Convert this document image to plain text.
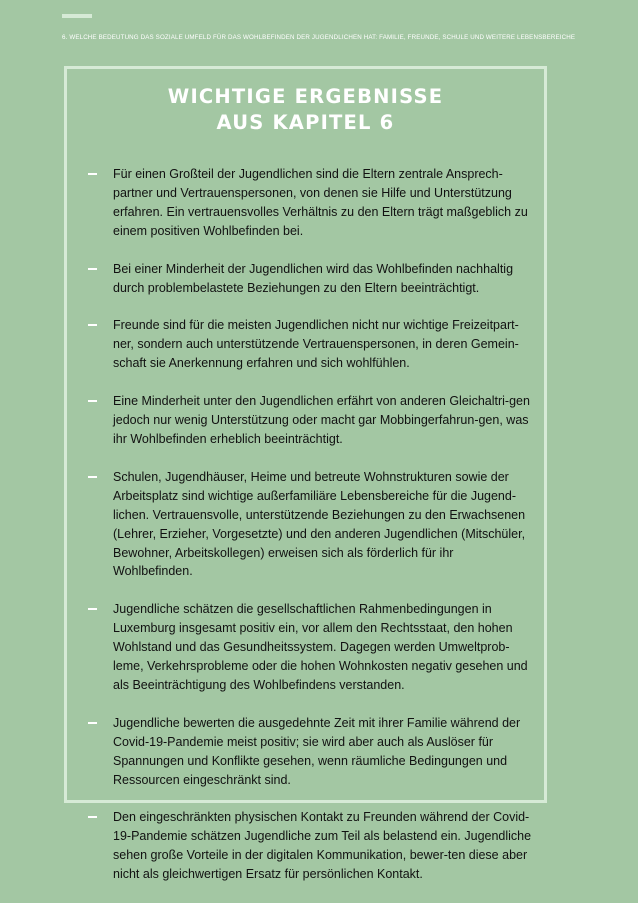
6. WELCHE BEDEUTUNG DAS SOZIALE UMFELD FÜR DAS WOHLBEFINDEN DER JUGENDLICHEN HAT: FAMILIE, FREUNDE, SCHULE UND WEITERE LEBENSBEREICHE
WICHTIGE ERGEBNISSE
AUS KAPITEL 6
Für einen Großteil der Jugendlichen sind die Eltern zentrale Ansprech-partner und Vertrauenspersonen, von denen sie Hilfe und Unterstützung erfahren. Ein vertrauensvolles Verhältnis zu den Eltern trägt maßgeblich zu einem positiven Wohlbefinden bei.
Bei einer Minderheit der Jugendlichen wird das Wohlbefinden nachhaltig durch problembelastete Beziehungen zu den Eltern beeinträchtigt.
Freunde sind für die meisten Jugendlichen nicht nur wichtige Freizeitpart-ner, sondern auch unterstützende Vertrauenspersonen, in deren Gemein-schaft sie Anerkennung erfahren und sich wohlfühlen.
Eine Minderheit unter den Jugendlichen erfährt von anderen Gleichaltri-gen jedoch nur wenig Unterstützung oder macht gar Mobbingerfahrun-gen, was ihr Wohlbefinden erheblich beeinträchtigt.
Schulen, Jugendhäuser, Heime und betreute Wohnstrukturen sowie der Arbeitsplatz sind wichtige außerfamiliäre Lebensbereiche für die Jugend-lichen. Vertrauensvolle, unterstützende Beziehungen zu den Erwachsenen (Lehrer, Erzieher, Vorgesetzte) und den anderen Jugendlichen (Mitschüler, Bewohner, Arbeitskollegen) erweisen sich als förderlich für ihr Wohlbefinden.
Jugendliche schätzen die gesellschaftlichen Rahmenbedingungen in Luxemburg insgesamt positiv ein, vor allem den Rechtsstaat, den hohen Wohlstand und das Gesundheitssystem. Dagegen werden Umweltprob-leme, Verkehrsprobleme oder die hohen Wohnkosten negativ gesehen und als Beeinträchtigung des Wohlbefindens verstanden.
Jugendliche bewerten die ausgedehnte Zeit mit ihrer Familie während der Covid-19-Pandemie meist positiv; sie wird aber auch als Auslöser für Spannungen und Konflikte gesehen, wenn räumliche Bedingungen und Ressourcen eingeschränkt sind.
Den eingeschränkten physischen Kontakt zu Freunden während der Covid-19-Pandemie schätzen Jugendliche zum Teil als belastend ein. Jugendliche sehen große Vorteile in der digitalen Kommunikation, bewer-ten diese aber nicht als gleichwertigen Ersatz für persönlichen Kontakt.
